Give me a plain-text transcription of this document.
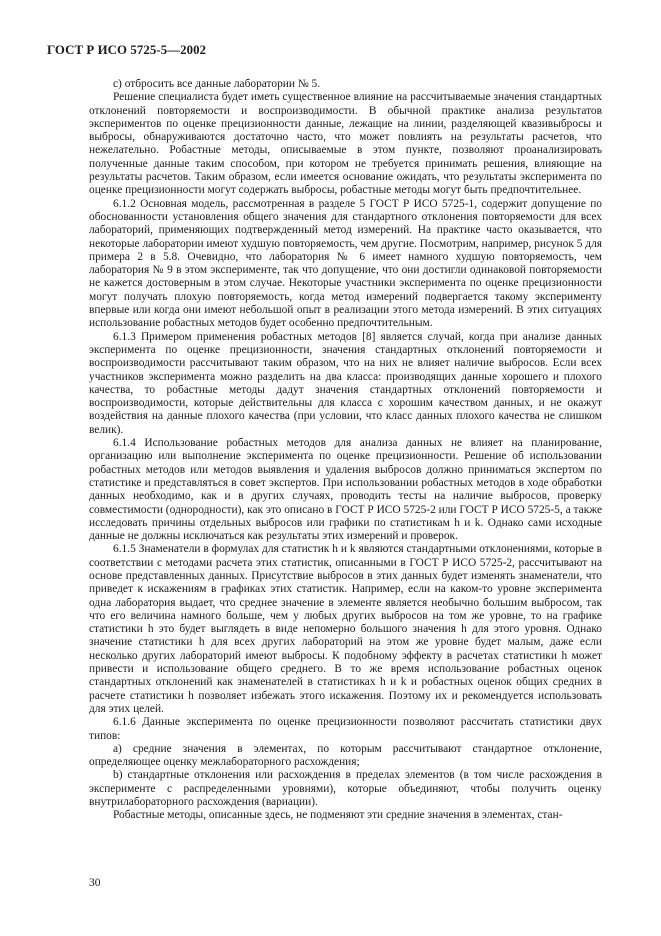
ГОСТ Р ИСО 5725-5—2002

с) отбросить все данные лаборатории № 5.

Решение специалиста будет иметь существенное влияние на рассчитываемые значения стандартных отклонений повторяемости и воспроизводимости. В обычной практике анализа результатов экспериментов по оценке прецизионности данные, лежащие на линии, разделяющей квазивыбросы и выбросы, обнаруживаются достаточно часто, что может повлиять на результаты расчетов, что нежелательно. Робастные методы, описываемые в этом пункте, позволяют проанализировать полученные данные таким способом, при котором не требуется принимать решения, влияющие на результаты расчетов. Таким образом, если имеется основание ожидать, что результаты эксперимента по оценке прецизионности могут содержать выбросы, робастные методы могут быть предпочтительнее.

6.1.2 Основная модель, рассмотренная в разделе 5 ГОСТ Р ИСО 5725-1, содержит допущение по обоснованности установления общего значения для стандартного отклонения повторяемости для всех лабораторий, применяющих подтвержденный метод измерений. На практике часто оказывается, что некоторые лаборатории имеют худшую повторяемость, чем другие. Посмотрим, например, рисунок 5 для примера 2 в 5.8. Очевидно, что лаборатория № 6 имеет намного худшую повторяемость, чем лаборатория № 9 в этом эксперименте, так что допущение, что они достигли одинаковой повторяемости не кажется достоверным в этом случае. Некоторые участники эксперимента по оценке прецизионности могут получать плохую повторяемость, когда метод измерений подвергается такому эксперименту впервые или когда они имеют небольшой опыт в реализации этого метода измерений. В этих ситуациях использование робастных методов будет особенно предпочтительным.

6.1.3 Примером применения робастных методов [8] является случай, когда при анализе данных эксперимента по оценке прецизионности, значения стандартных отклонений повторяемости и воспроизводимости рассчитывают таким образом, что на них не влияет наличие выбросов. Если всех участников эксперимента можно разделить на два класса: производящих данные хорошего и плохого качества, то робастные методы дадут значения стандартных отклонений повторяемости и воспроизводимости, которые действительны для класса с хорошим качеством данных, и не окажут воздействия на данные плохого качества (при условии, что класс данных плохого качества не слишком велик).

6.1.4 Использование робастных методов для анализа данных не влияет на планирование, организацию или выполнение эксперимента по оценке прецизионности. Решение об использовании робастных методов или методов выявления и удаления выбросов должно приниматься экспертом по статистике и представляться в совет экспертов. При использовании робастных методов в ходе обработки данных необходимо, как и в других случаях, проводить тесты на наличие выбросов, проверку совместимости (однородности), как это описано в ГОСТ Р ИСО 5725-2 или ГОСТ Р ИСО 5725-5, а также исследовать причины отдельных выбросов или графики по статистикам h и k. Однако сами исходные данные не должны исключаться как результаты этих измерений и проверок.

6.1.5 Знаменатели в формулах для статистик h и k являются стандартными отклонениями, которые в соответствии с методами расчета этих статистик, описанными в ГОСТ Р ИСО 5725-2, рассчитывают на основе представленных данных. Присутствие выбросов в этих данных будет изменять знаменатели, что приведет к искажениям в графиках этих статистик. Например, если на каком-то уровне эксперимента одна лаборатория выдает, что среднее значение в элементе является необычно большим выбросом, так что его величина намного больше, чем у любых других выбросов на том же уровне, то на графике статистики h это будет выглядеть в виде непомерно большого значения h для этого уровня. Однако значение статистики h для всех других лабораторий на этом же уровне будет малым, даже если несколько других лабораторий имеют выбросы. К подобному эффекту в расчетах статистики h может привести и использование общего среднего. В то же время использование робастных оценок стандартных отклонений как знаменателей в статистиках h и k и робастных оценок общих средних в расчете статистики h позволяет избежать этого искажения. Поэтому их и рекомендуется использовать для этих целей.

6.1.6 Данные эксперимента по оценке прецизионности позволяют рассчитать статистики двух типов:

a) средние значения в элементах, по которым рассчитывают стандартное отклонение, определяющее оценку межлабораторного расхождения;

b) стандартные отклонения или расхождения в пределах элементов (в том числе расхождения в эксперименте с распределенными уровнями), которые объединяют, чтобы получить оценку внутрилабораторного расхождения (вариации).

Робастные методы, описанные здесь, не подменяют эти средние значения в элементах, стан-

30
